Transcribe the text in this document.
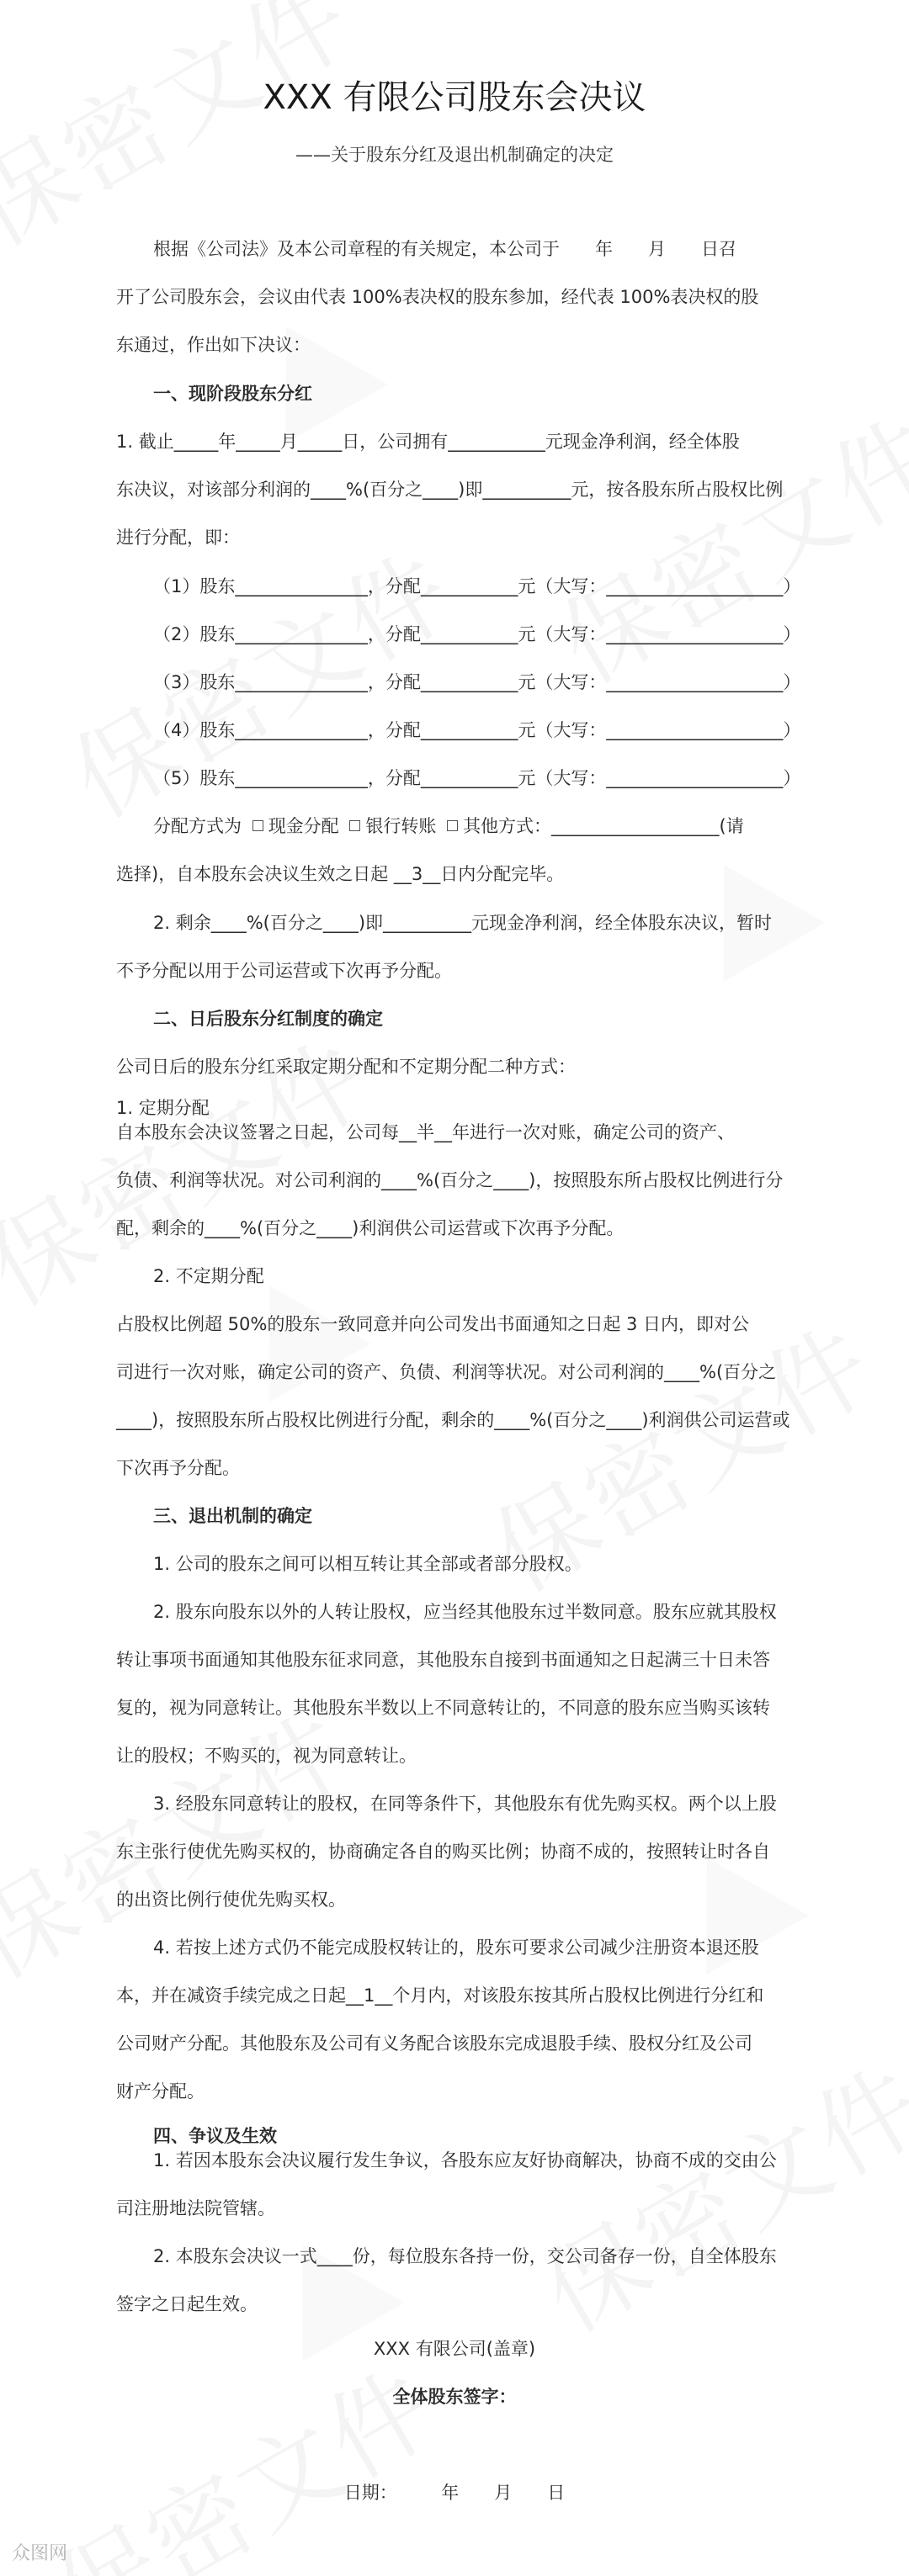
XXX 有限公司股东会决议
——关于股东分红及退出机制确定的决定
根据《公司法》及本公司章程的有关规定，本公司于　　年　　月　　日召
开了公司股东会，会议由代表 100%表决权的股东参加，经代表 100%表决权的股
东通过，作出如下决议：
一、现阶段股东分红
1. 截止_____年_____月_____日，公司拥有___________元现金净利润，经全体股
东决议，对该部分利润的____%(百分之____)即__________元，按各股东所占股权比例
进行分配，即：
（1）股东_______________，分配___________元（大写：____________________）
（2）股东_______________，分配___________元（大写：____________________）
（3）股东_______________，分配___________元（大写：____________________）
（4）股东_______________，分配___________元（大写：____________________）
（5）股东_______________，分配___________元（大写：____________________）
分配方式为 现金分配 银行转账 其他方式：___________________(请
选择)，自本股东会决议生效之日起 __3__日内分配完毕。
2. 剩余____%(百分之____)即__________元现金净利润，经全体股东决议，暂时
不予分配以用于公司运营或下次再予分配。
二、日后股东分红制度的确定
公司日后的股东分红采取定期分配和不定期分配二种方式：
1. 定期分配
自本股东会决议签署之日起，公司每__半__年进行一次对账，确定公司的资产、
负债、利润等状况。对公司利润的____%(百分之____)，按照股东所占股权比例进行分
配，剩余的____%(百分之____)利润供公司运营或下次再予分配。
2. 不定期分配
占股权比例超 50%的股东一致同意并向公司发出书面通知之日起 3 日内，即对公
司进行一次对账，确定公司的资产、负债、利润等状况。对公司利润的____%(百分之
____)，按照股东所占股权比例进行分配，剩余的____%(百分之____)利润供公司运营或
下次再予分配。
三、退出机制的确定
1. 公司的股东之间可以相互转让其全部或者部分股权。
2. 股东向股东以外的人转让股权，应当经其他股东过半数同意。股东应就其股权
转让事项书面通知其他股东征求同意，其他股东自接到书面通知之日起满三十日未答
复的，视为同意转让。其他股东半数以上不同意转让的，不同意的股东应当购买该转
让的股权；不购买的，视为同意转让。
3. 经股东同意转让的股权，在同等条件下，其他股东有优先购买权。两个以上股
东主张行使优先购买权的，协商确定各自的购买比例；协商不成的，按照转让时各自
的出资比例行使优先购买权。
4. 若按上述方式仍不能完成股权转让的，股东可要求公司减少注册资本退还股
本，并在减资手续完成之日起__1__个月内，对该股东按其所占股权比例进行分红和
公司财产分配。其他股东及公司有义务配合该股东完成退股手续、股权分红及公司
财产分配。
四、争议及生效
1. 若因本股东会决议履行发生争议，各股东应友好协商解决，协商不成的交由公
司注册地法院管辖。
2. 本股东会决议一式____份，每位股东各持一份，交公司备存一份，自全体股东
签字之日起生效。
XXX 有限公司(盖章)
全体股东签字：
日期：　　　年　　月　　日
众图网
